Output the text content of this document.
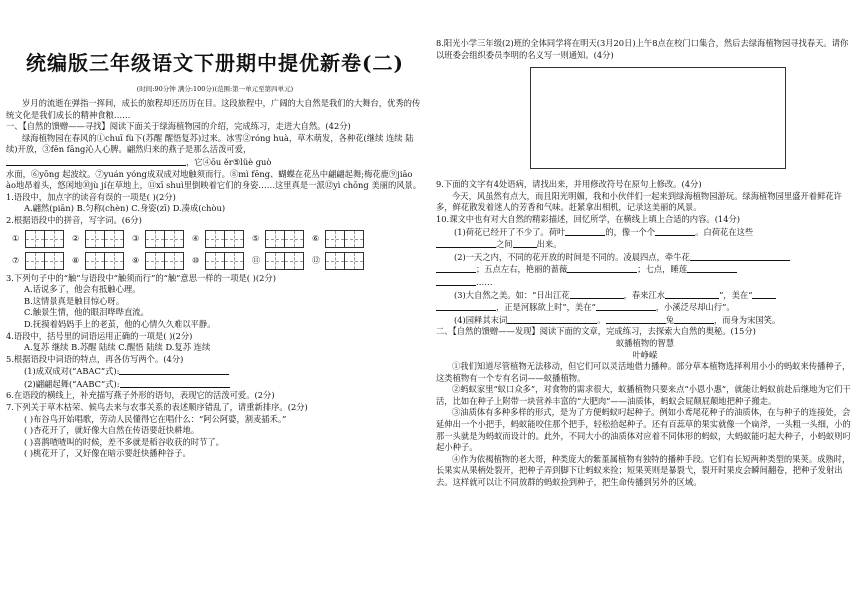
统编版三年级语文下册期中提优新卷(二)
(时间:90分钟 满分:100分)(范围:第一单元至第四单元)

岁月的流逝在弹指一挥间，成长的旅程却还历历在目。这段旅程中，广阔的大自然是我们的大舞台，优秀的传统文化是我们成长的精神食粮……

一、【自然的馈赠——寻找】阅读下面关于绿海植物园的介绍，完成练习，走进大自然。(42分)

绿海植物园在春风的①chuī fù下(苏醒 醒悟复苏)过来。冰雪②róng huà，草木萌发，各种花(继续 连续 陆续)开放，③fēn fāng沁人心脾。翩然归来的燕子是那么活泼可爱，，它④ōu ěr⑤lüè guò

水面，⑥yōng 起波纹。⑦yuán yóng成双成对地触须而行。⑧mì fēng、蝴蝶在花丛中翩翩起舞;梅花鹿⑨jiāo ào地昂着头，悠闲地⑩jù jí在草地上，⑪xī shuì里倒映着它们的身姿……这里真是一派⑫yì chōng 美丽的风景。

1.语段中，加点字的读音有误的一项是( )(2分)

A.翩然(piān) B.匀称(chèn) C.身姿(zī) D.凑成(chòu)

2.根据语段中的拼音，写字词。(6分)

①	②	③	④	⑤	⑥
⑦	⑧	⑨	⑩	⑪	⑫

3.下列句子中的“触”与语段中“触须而行”的“触”意思一样的一项是( )(2分)

A.话说多了，他会有抵触心理。

B.这情景真是触目惊心呀。

C.触景生情，他的眼泪哗哗直流。

D.抚摸着妈妈手上的老茧，他的心情久久难以平静。

4.语段中，括号里的词语运用正确的一项是( )(2分)

A.复苏 继续 B.苏醒 陆续 C.醒悟 陆续 D.复苏 连续

5.根据语段中词语的特点，再各仿写两个。(4分)

(1)成双成对(“ABAC”式):

(2)翩翩起舞(“AABC”式):

6.在语段的横线上，补充描写燕子外形的语句，表现它的活泼可爱。(2分)

7.下列关于草木枯荣、候鸟去来与农事关系的表述顺序错乱了，请重新排序。(2分)

( )布谷鸟开始唱歌，劳动人民懂得它在唱什么：“阿公阿婆，割麦插禾。”

( )杏花开了，就好像大自然在传语要赶快耕地。

( )喜鹊喳喳叫的时候，差不多就是稻谷收获的时节了。

( )桃花开了，又好像在暗示要赶快播种谷子。

8.阳光小学三年级(2)班的全体同学将在明天(3月20日)上午8点在校门口集合，然后去绿海植物园寻找春天。请你以班委会组织委员李明的名义写一则通知。(4分)

9.下面的文字有4处语病，请找出来，并用修改符号在原句上修改。(4分)

今天，风虽然有点大，而且阳光明媚，我和小伙伴们一起来到绿海植物园游玩。绿海植物园里盛开着鲜花许多，鲜花散发着迷人的芳香和气味。赶紧拿出相机，记录这美丽的风景。

10.课文中也有对大自然的精彩描述，回忆所学，在横线上填上合适的内容。(14分)

(1)荷花已经开了不少了。荷叶	的，像一个个	。白荷花在这些

之间	出来。

(2)一天之内，不同的花开放的时间是不同的。凌晨四点，牵牛花

；五点左右，艳丽的蔷薇	；七点，睡莲

……

(3)大自然之美。如：“日出江花	，春来江水	”，美在“

，正是河豚欲上时”，美在“	，小溪泛尽却山行”。

(4)园释其末词	。	兔	，而身为宋国笑。

二、【自然的馈赠——发现】阅读下面的文章，完成练习，去探索大自然的奥秘。(15分)

蚁播植物的智慧

叶峥嵘

①我们知道尽管植物无法移动，但它们可以灵活地借力播种。部分草本植物选择利用小小的蚂蚁来传播种子，这类植物有一个专有名词——蚁播植物。

②蚂蚁家里“蚁口众多”，对食物的需求很大，蚁播植物只要来点“小恩小惠”，就能让蚂蚁前赴后继地为它们干活，比如在种子上附带一块营养丰富的“大肥肉”——油质体，蚂蚁会屁颠屁颠地把种子搬走。

③油质体有多种多样的形式，是为了方便蚂蚁叼起种子。例如小鸢尾花种子的油质体，在与种子的连接处，会延伸出一个小把手，蚂蚁能咬住那个把手，轻松拾起种子。还有百蕊草的果实就像一个扁斧，一头粗一头细，小的那一头就是为蚂蚁而设计的。此外，不同大小的油质体对应着不同体形的蚂蚁，大蚂蚁能叼起大种子，小蚂蚁则叼起小种子。

④作为依褐植物的老大哥，种类庞大的紫堇属植物有独特的播种手段。它们有长短两种类型的果荚。成熟时，长果实从果柄处裂开，把种子弄到脚下让蚂蚁来捡；短果荚则是暴裂弋，裂开时果皮会瞬间翻卷，把种子发射出去。这样就可以让不同放群的蚂蚁捡到种子，把生命传播到另外的区域。
